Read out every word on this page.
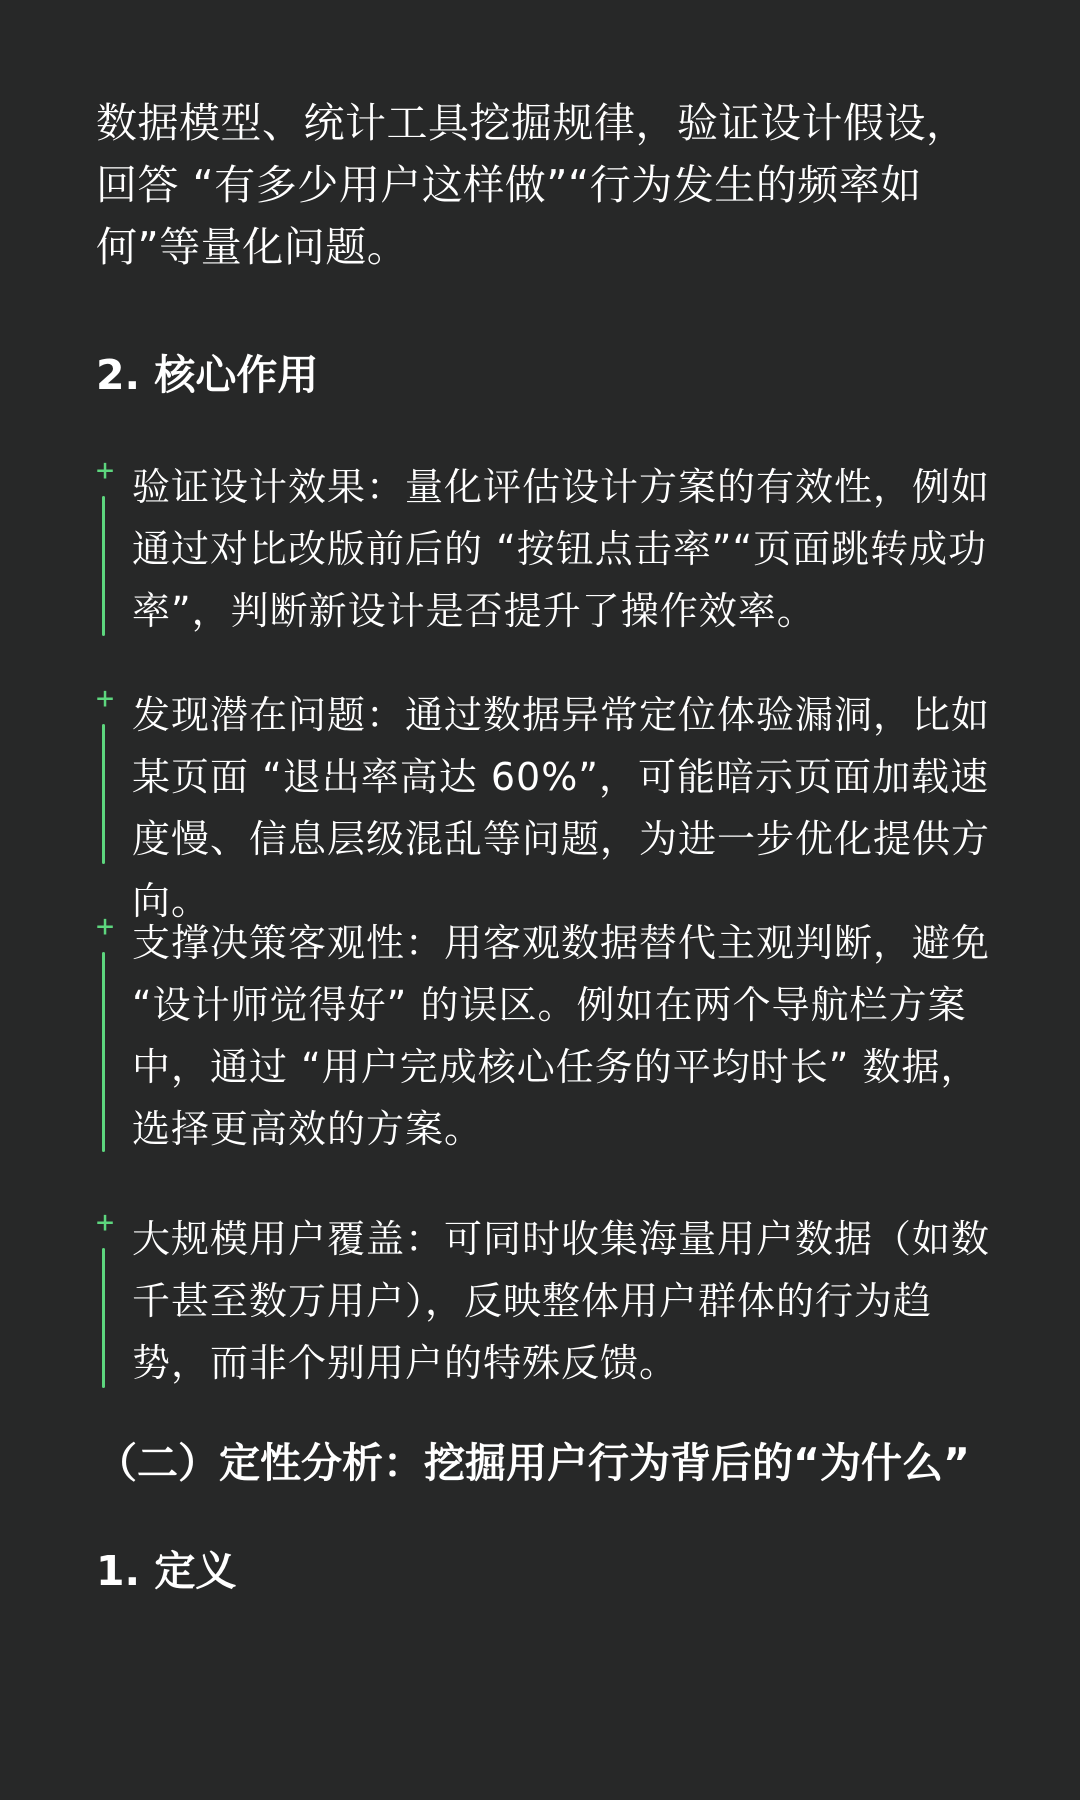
数据模型、统计工具挖掘规律，验证设计假设，回答 “有多少用户这样做”“行为发生的频率如何”等量化问题。

2. 核心作用
+ 验证设计效果：量化评估设计方案的有效性，例如通过对比改版前后的 “按钮点击率”“页面跳转成功率”，判断新设计是否提升了操作效率。

+ 发现潜在问题：通过数据异常定位体验漏洞，比如某页面 “退出率高达 60%”，可能暗示页面加载速度慢、信息层级混乱等问题，为进一步优化提供方向。

+ 支撑决策客观性：用客观数据替代主观判断，避免 “设计师觉得好” 的误区。例如在两个导航栏方案中，通过 “用户完成核心任务的平均时长” 数据，选择更高效的方案。

+ 大规模用户覆盖：可同时收集海量用户数据（如数千甚至数万用户），反映整体用户群体的行为趋势，而非个别用户的特殊反馈。

（二）定性分析：挖掘用户行为背后的“为什么”
1. 定义
